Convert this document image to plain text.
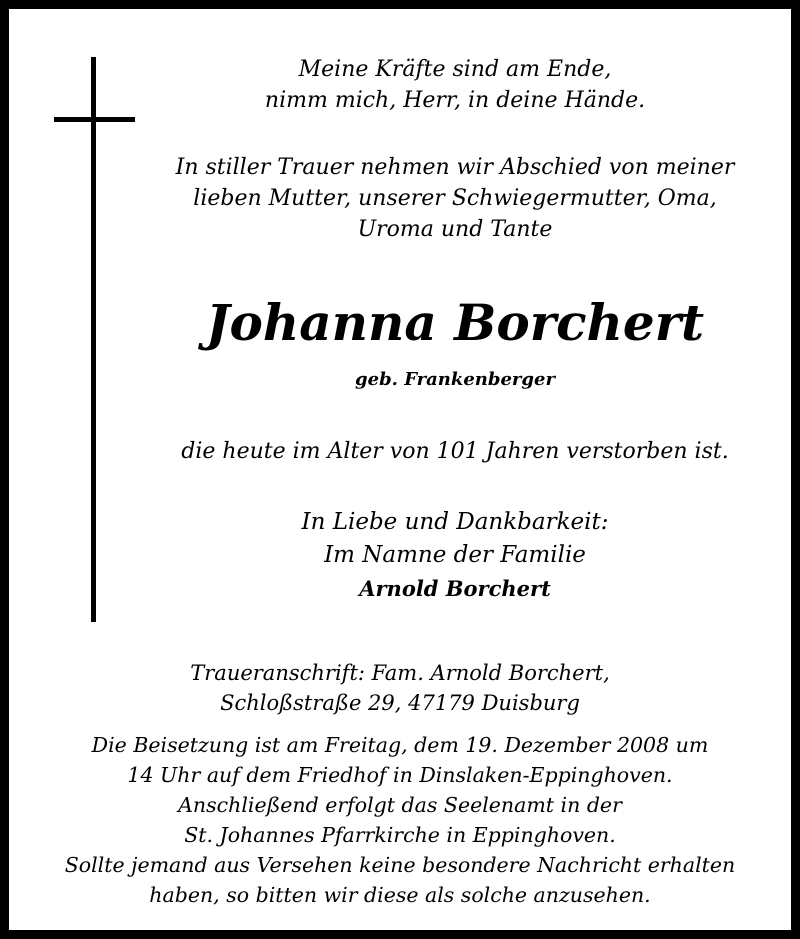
Meine Kräfte sind am Ende,
nimm mich, Herr, in deine Hände.
In stiller Trauer nehmen wir Abschied von meiner
lieben Mutter, unserer Schwiegermutter, Oma,
Uroma und Tante
Johanna Borchert
geb. Frankenberger
die heute im Alter von 101 Jahren verstorben ist.
In Liebe und Dankbarkeit:
Im Namne der Familie
Arnold Borchert
Traueranschrift: Fam. Arnold Borchert,
Schloßstraße 29, 47179 Duisburg
Die Beisetzung ist am Freitag, dem 19. Dezember 2008 um
14 Uhr auf dem Friedhof in Dinslaken-Eppinghoven.
Anschließend erfolgt das Seelenamt in der
St. Johannes Pfarrkirche in Eppinghoven.
Sollte jemand aus Versehen keine besondere Nachricht erhalten
haben, so bitten wir diese als solche anzusehen.
